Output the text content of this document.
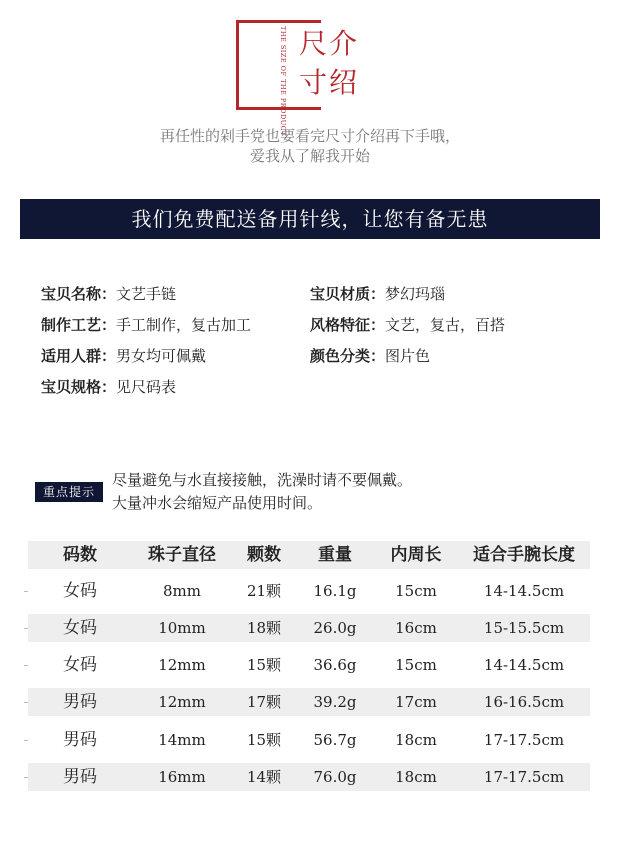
THE SIZE OF THE PRODUCT 尺 介
寸 绍
再任性的剁手党也要看完尺寸介绍再下手哦，
爱我从了解我开始
我们免费配送备用针线，让您有备无患
宝贝名称：文艺手链	宝贝材质：梦幻玛瑙
制作工艺：手工制作，复古加工	风格特征：文艺，复古，百搭
适用人群：男女均可佩戴	颜色分类：图片色
宝贝规格：见尺码表
重点提示
尽量避免与水直接接触，洗澡时请不要佩戴。
大量冲水会缩短产品使用时间。
码数	珠子直径	颗数	重量	内周长	适合手腕长度
女码	8mm	21颗	16.1g	15cm	14-14.5cm
女码	10mm	18颗	26.0g	16cm	15-15.5cm
女码	12mm	15颗	36.6g	15cm	14-14.5cm
男码	12mm	17颗	39.2g	17cm	16-16.5cm
男码	14mm	15颗	56.7g	18cm	17-17.5cm
男码	16mm	14颗	76.0g	18cm	17-17.5cm
